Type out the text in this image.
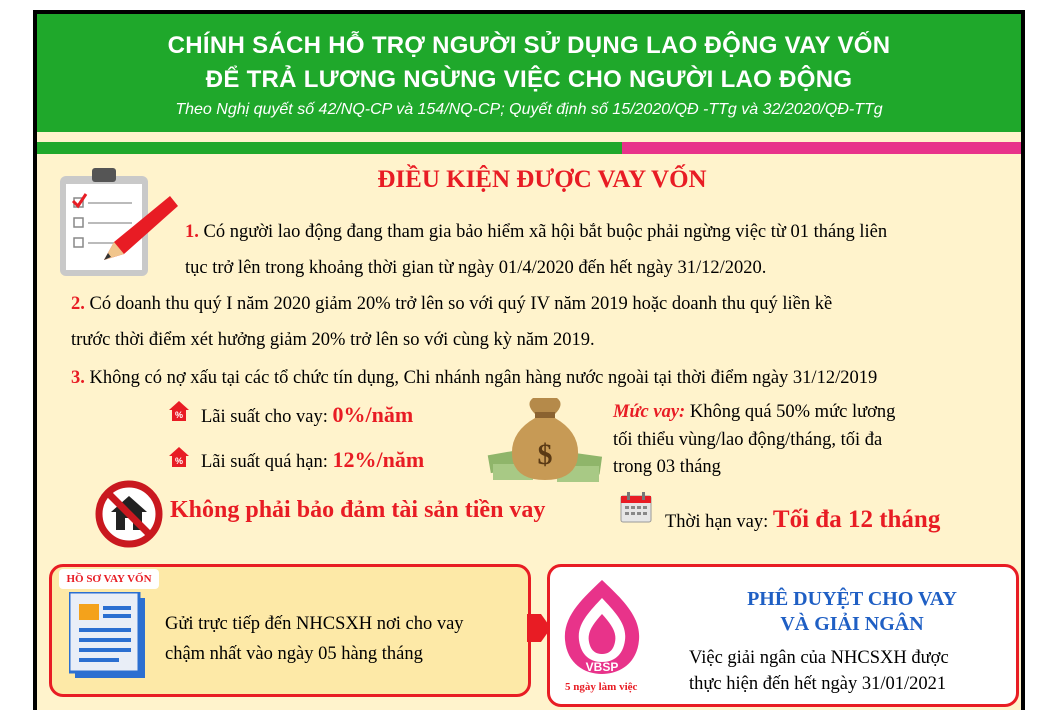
CHÍNH SÁCH HỖ TRỢ NGƯỜI SỬ DỤNG LAO ĐỘNG VAY VỐN
ĐỂ TRẢ LƯƠNG NGỪNG VIỆC CHO NGƯỜI LAO ĐỘNG
Theo Nghị quyết số 42/NQ-CP và 154/NQ-CP; Quyết định số 15/2020/QĐ -TTg và 32/2020/QĐ-TTg
ĐIỀU KIỆN ĐƯỢC VAY VỐN
1. Có người lao động đang tham gia bảo hiểm xã hội bắt buộc phải ngừng việc từ 01 tháng liên
tục trở lên trong khoảng thời gian từ ngày 01/4/2020 đến hết ngày 31/12/2020.
2. Có doanh thu quý I năm 2020 giảm 20% trở lên so với quý IV năm 2019 hoặc doanh thu quý liền kề
trước thời điểm xét hưởng giảm 20% trở lên so với cùng kỳ năm 2019.
3. Không có nợ xấu tại các tổ chức tín dụng, Chi nhánh ngân hàng nước ngoài tại thời điểm ngày 31/12/2019
% Lãi suất cho vay: 0%/năm
% Lãi suất quá hạn: 12%/năm	$
Mức vay: Không quá 50% mức lương
tối thiểu vùng/lao động/tháng, tối đa
trong 03 tháng
Không phải bảo đảm tài sản tiền vay	Thời hạn vay: Tối đa 12 tháng
HỒ SƠ VAY VỐN
Gửi trực tiếp đến NHCSXH nơi cho vay
chậm nhất vào ngày 05 hàng tháng
VBSP
5 ngày làm việc
PHÊ DUYỆT CHO VAY
VÀ GIẢI NGÂN
Việc giải ngân của NHCSXH được
thực hiện đến hết ngày 31/01/2021
